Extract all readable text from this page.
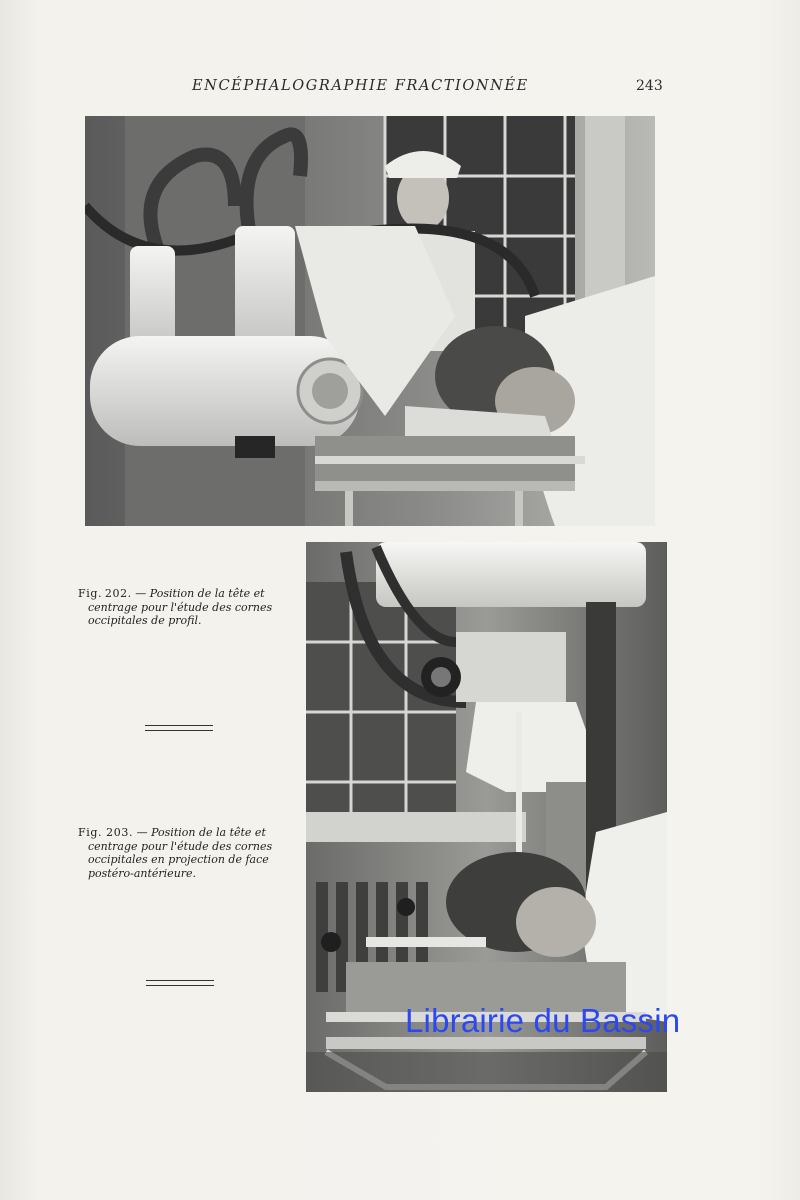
ENCÉPHALOGRAPHIE FRACTIONNÉE	243
Fig. 202. — Position de la tête et
centrage pour l'étude des cornes
occipitales de profil.
Fig. 203. — Position de la tête et
centrage pour l'étude des cornes
occipitales en projection de face
postéro-antérieure.
Librairie du Bassin
